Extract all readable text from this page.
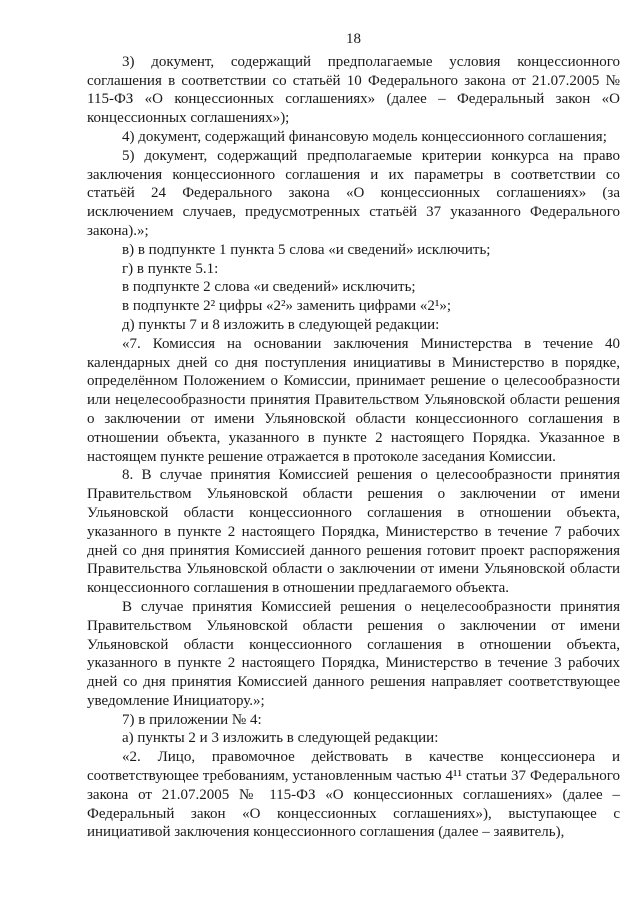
18

3) документ, содержащий предполагаемые условия концессионного соглашения в соответствии со статьёй 10 Федерального закона от 21.07.2005 № 115-ФЗ «О концессионных соглашениях» (далее – Федеральный закон «О концессионных соглашениях»);

4) документ, содержащий финансовую модель концессионного соглашения;

5) документ, содержащий предполагаемые критерии конкурса на право заключения концессионного соглашения и их параметры в соответствии со статьёй 24 Федерального закона «О концессионных соглашениях» (за исключением случаев, предусмотренных статьёй 37 указанного Федерального закона).»;

в) в подпункте 1 пункта 5 слова «и сведений» исключить;

г) в пункте 5.1:

в подпункте 2 слова «и сведений» исключить;

в подпункте 2² цифры «2²» заменить цифрами «2¹»;

д) пункты 7 и 8 изложить в следующей редакции:

«7. Комиссия на основании заключения Министерства в течение 40 календарных дней со дня поступления инициативы в Министерство в порядке, определённом Положением о Комиссии, принимает решение о целесообразности или нецелесообразности принятия Правительством Ульяновской области решения о заключении от имени Ульяновской области концессионного соглашения в отношении объекта, указанного в пункте 2 настоящего Порядка. Указанное в настоящем пункте решение отражается в протоколе заседания Комиссии.

8. В случае принятия Комиссией решения о целесообразности принятия Правительством Ульяновской области решения о заключении от имени Ульяновской области концессионного соглашения в отношении объекта, указанного в пункте 2 настоящего Порядка, Министерство в течение 7 рабочих дней со дня принятия Комиссией данного решения готовит проект распоряжения Правительства Ульяновской области о заключении от имени Ульяновской области концессионного соглашения в отношении предлагаемого объекта.

В случае принятия Комиссией решения о нецелесообразности принятия Правительством Ульяновской области решения о заключении от имени Ульяновской области концессионного соглашения в отношении объекта, указанного в пункте 2 настоящего Порядка, Министерство в течение 3 рабочих дней со дня принятия Комиссией данного решения направляет соответствующее уведомление Инициатору.»;

7) в приложении № 4:

а) пункты 2 и 3 изложить в следующей редакции:

«2. Лицо, правомочное действовать в качестве концессионера и соответствующее требованиям, установленным частью 4¹¹ статьи 37 Федерального закона от 21.07.2005 № 115-ФЗ «О концессионных соглашениях» (далее – Федеральный закон «О концессионных соглашениях»), выступающее с инициативой заключения концессионного соглашения (далее – заявитель),
